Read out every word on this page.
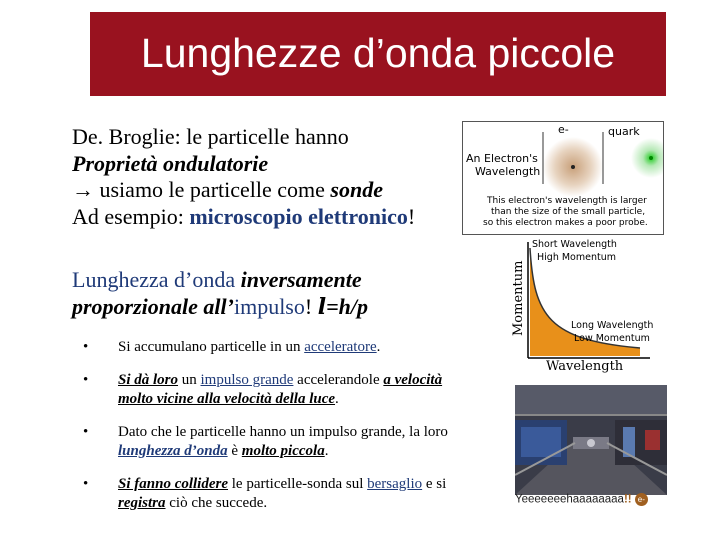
Lunghezze d’onda piccole
De. Broglie: le particelle hanno
Proprietà ondulatorie
→ usiamo le particelle come sonde
Ad esempio: microscopio elettronico!
Lunghezza d’onda inversamente proporzionale all’impulso! l=h/p
•	Si accumulano particelle in un acceleratore.
•	Si dà loro un impulso grande accelerandole a velocità molto vicine alla velocità della luce.
•	Dato che le particelle hanno un impulso grande, la loro lunghezza d’onda è molto piccola.
•	Si fanno collidere le particelle-sonda sul bersaglio e si registra ciò che succede.
e-	quark
An Electron's
Wavelength
This electron's wavelength is larger
than the size of the small particle,
so this electron makes a poor probe.
Momentum
Wavelength
Short Wavelength
High Momentum
Long Wavelength
Low Momentum
Yeeeeeeehaaaaaaaa!! e-
